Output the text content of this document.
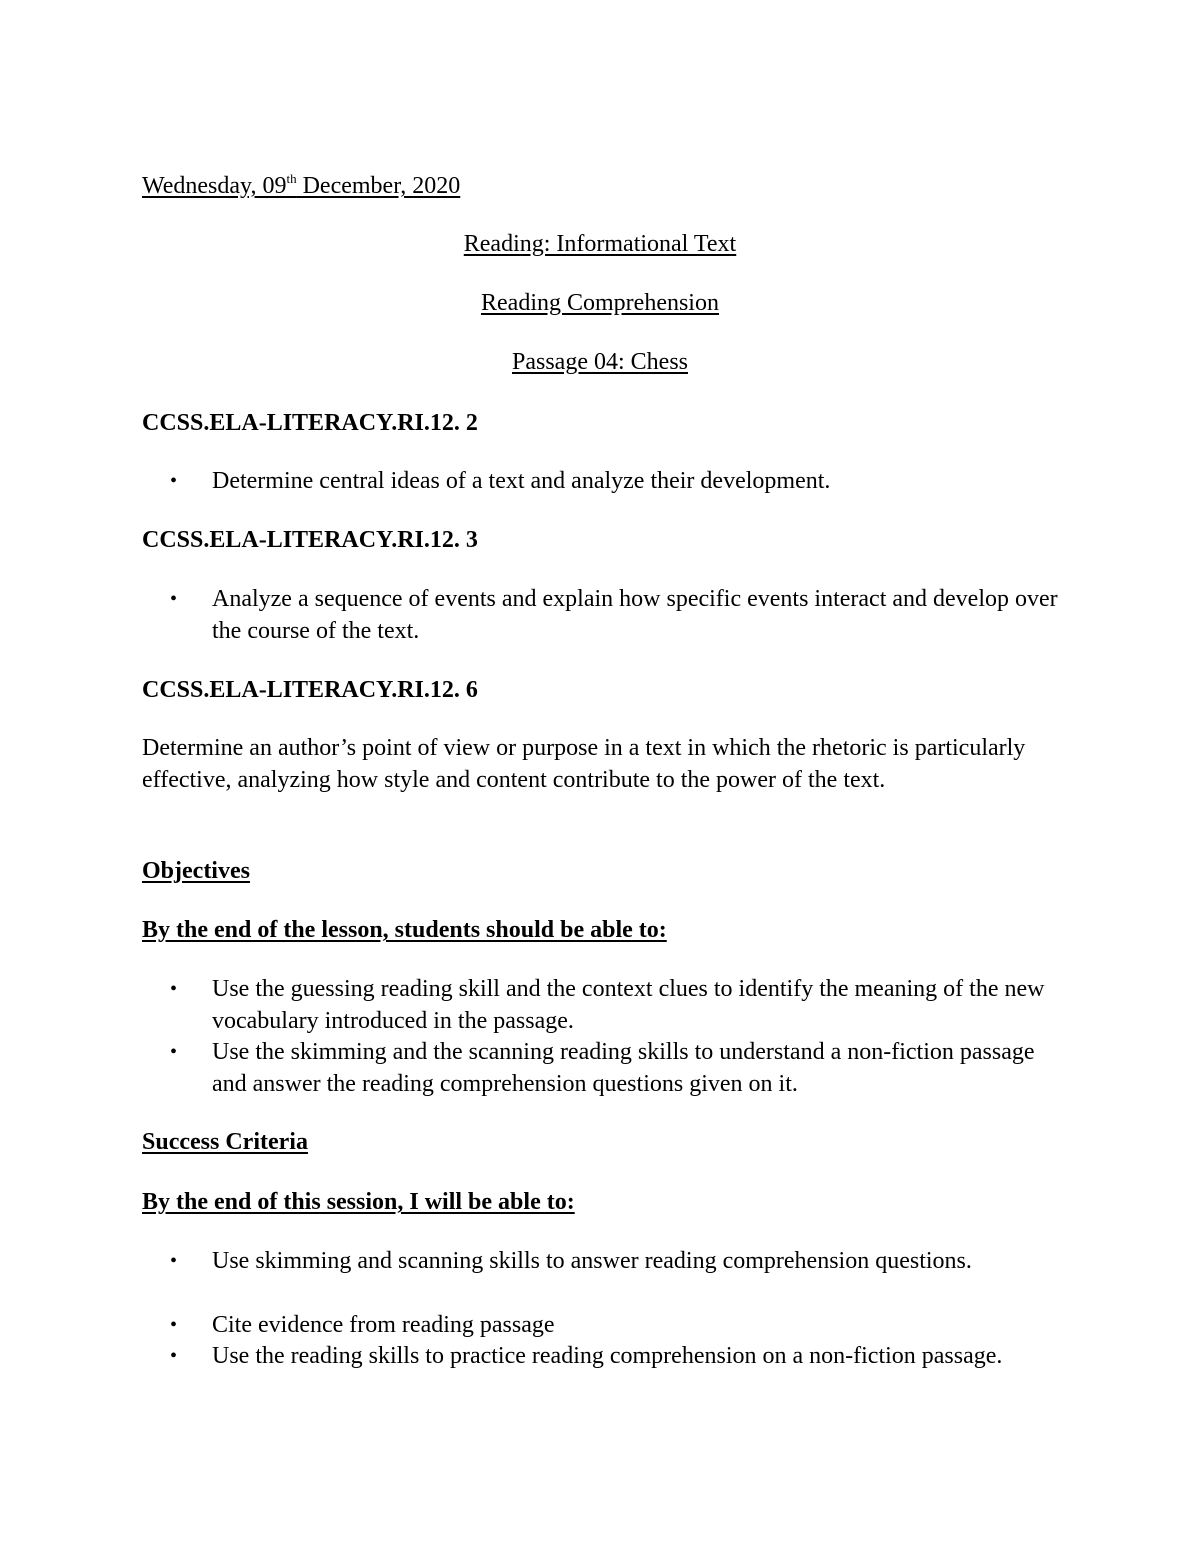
Wednesday, 09th December, 2020
Reading: Informational Text
Reading Comprehension
Passage 04: Chess
CCSS.ELA-LITERACY.RI.12. 2
• Determine central ideas of a text and analyze their development.
CCSS.ELA-LITERACY.RI.12. 3
• Analyze a sequence of events and explain how specific events interact and develop over the course of the text.
CCSS.ELA-LITERACY.RI.12. 6
Determine an author’s point of view or purpose in a text in which the rhetoric is particularly effective, analyzing how style and content contribute to the power of the text.
Objectives
By the end of the lesson, students should be able to:
• Use the guessing reading skill and the context clues to identify the meaning of the new vocabulary introduced in the passage.
• Use the skimming and the scanning reading skills to understand a non-fiction passage and answer the reading comprehension questions given on it.
Success Criteria
By the end of this session, I will be able to:
• Use skimming and scanning skills to answer reading comprehension questions.
• Cite evidence from reading passage
• Use the reading skills to practice reading comprehension on a non-fiction passage.
